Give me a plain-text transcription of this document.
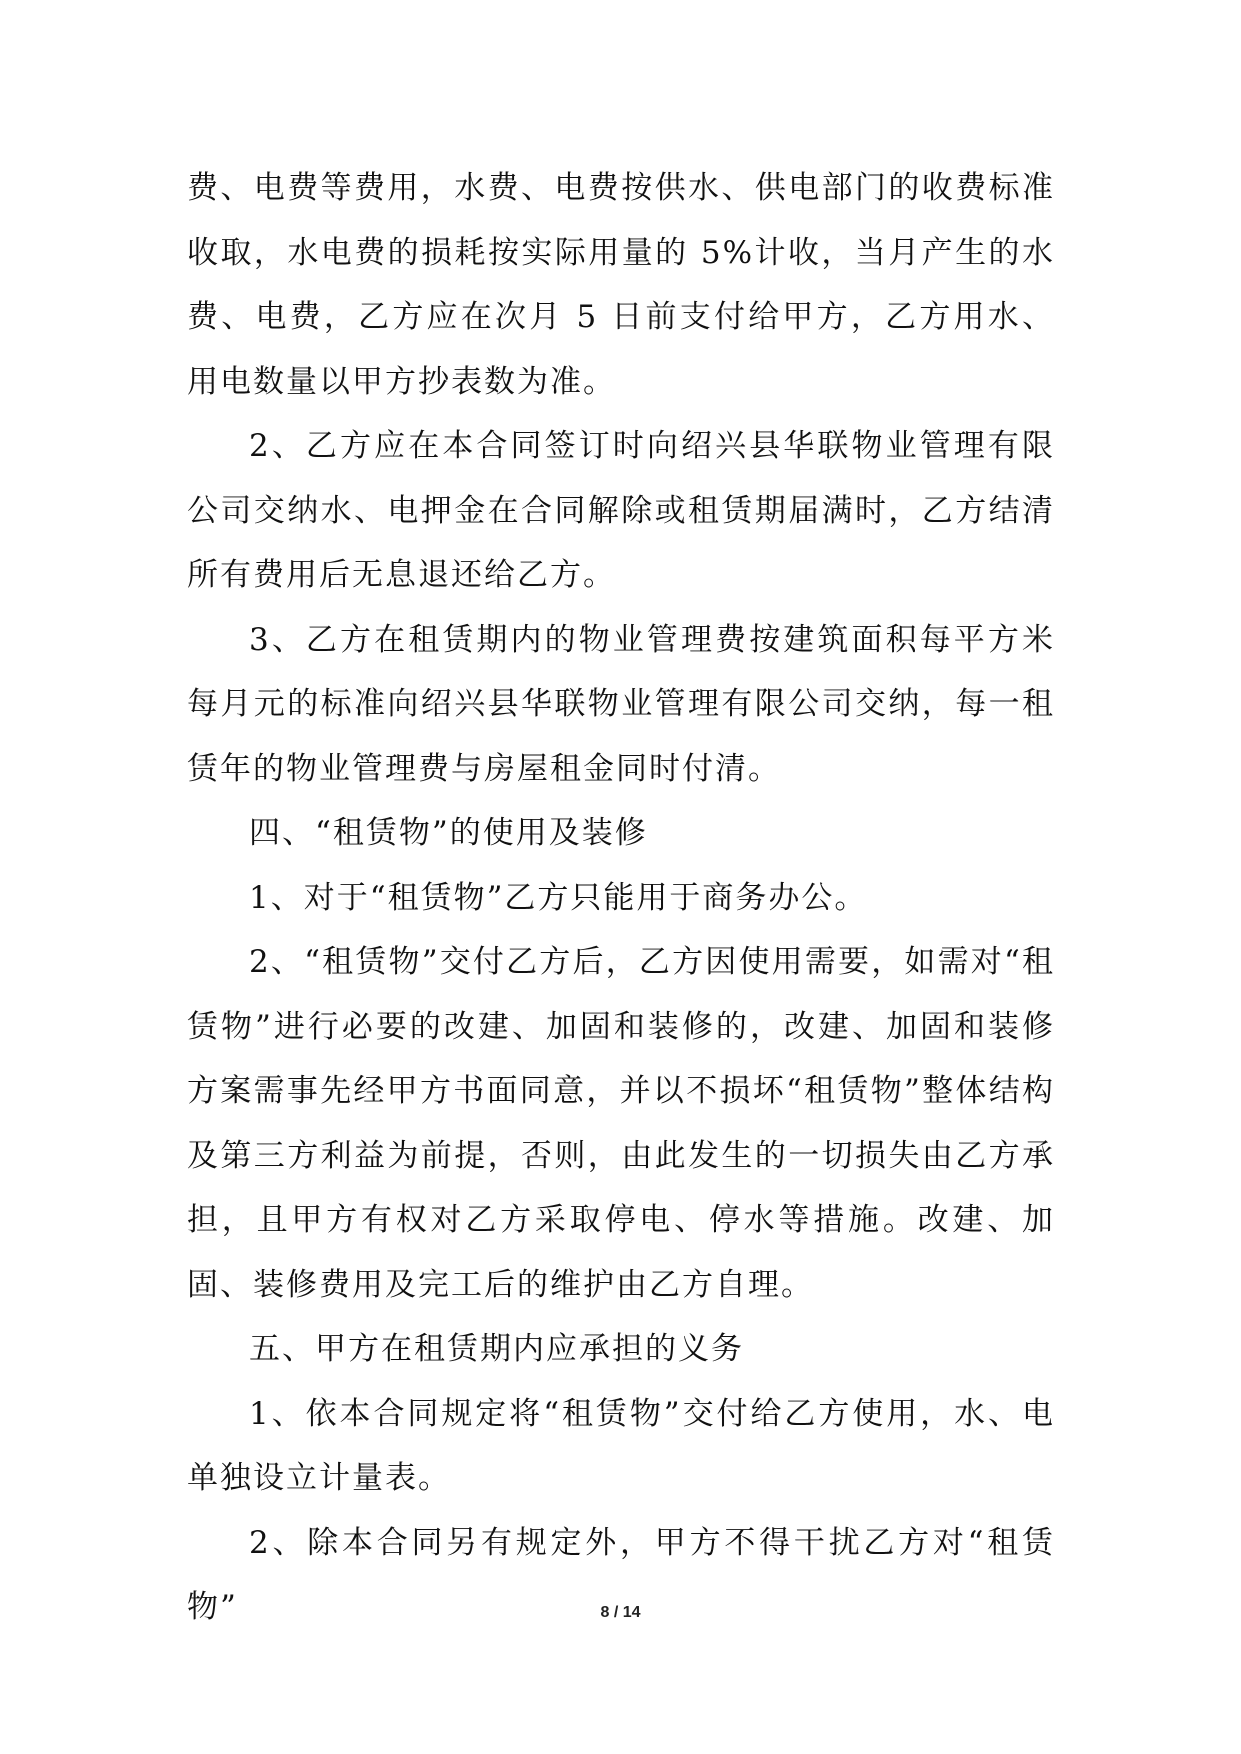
费、电费等费用，水费、电费按供水、供电部门的收费标准收取，水电费的损耗按实际用量的 5%计收，当月产生的水费、电费，乙方应在次月 5 日前支付给甲方，乙方用水、用电数量以甲方抄表数为准。

2、乙方应在本合同签订时向绍兴县华联物业管理有限公司交纳水、电押金在合同解除或租赁期届满时，乙方结清所有费用后无息退还给乙方。

3、乙方在租赁期内的物业管理费按建筑面积每平方米每月元的标准向绍兴县华联物业管理有限公司交纳，每一租赁年的物业管理费与房屋租金同时付清。

四、“租赁物”的使用及装修

1、对于“租赁物”乙方只能用于商务办公。

2、“租赁物”交付乙方后，乙方因使用需要，如需对“租赁物”进行必要的改建、加固和装修的，改建、加固和装修方案需事先经甲方书面同意，并以不损坏“租赁物”整体结构及第三方利益为前提，否则，由此发生的一切损失由乙方承担，且甲方有权对乙方采取停电、停水等措施。改建、加固、装修费用及完工后的维护由乙方自理。

五、甲方在租赁期内应承担的义务

1、依本合同规定将“租赁物”交付给乙方使用，水、电单独设立计量表。

2、除本合同另有规定外，甲方不得干扰乙方对“租赁物”	8 / 14
